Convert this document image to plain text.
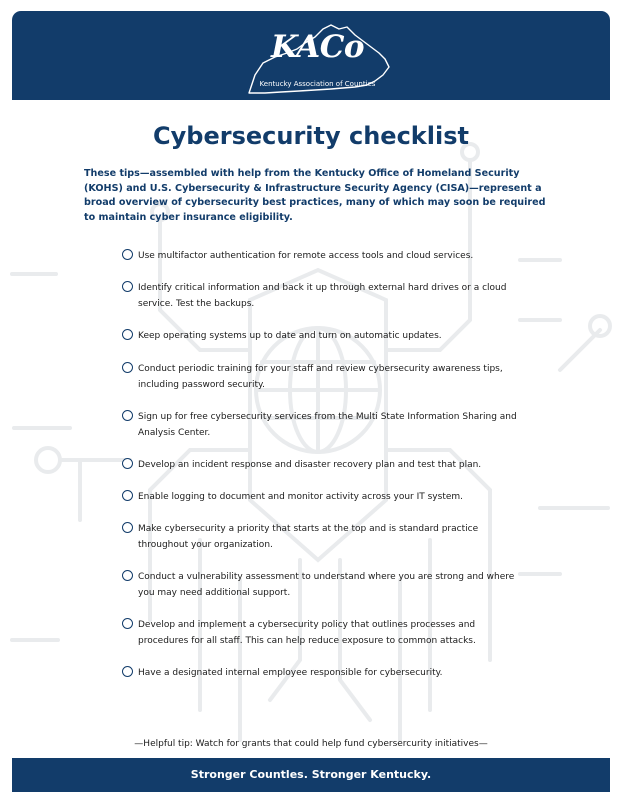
KACo
Kentucky Association of Counties
Cybersecurity checklist
These tips—assembled with help from the Kentucky Office of Homeland Security (KOHS) and U.S. Cybersecurity & Infrastructure Security Agency (CISA)—represent a broad overview of cybersecurity best practices, many of which may soon be required to maintain cyber insurance eligibility.
Use multifactor authentication for remote access tools and cloud services.
Identify critical information and back it up through external hard drives or a cloud service. Test the backups.
Keep operating systems up to date and turn on automatic updates.
Conduct periodic training for your staff and review cybersecurity awareness tips, including password security.
Sign up for free cybersecurity services from the Multi State Information Sharing and Analysis Center.
Develop an incident response and disaster recovery plan and test that plan.
Enable logging to document and monitor activity across your IT system.
Make cybersecurity a priority that starts at the top and is standard practice throughout your organization.
Conduct a vulnerability assessment to understand where you are strong and where you may need additional support.
Develop and implement a cybersecurity policy that outlines processes and procedures for all staff. This can help reduce exposure to common attacks.
Have a designated internal employee responsible for cybersecurity.
—Helpful tip: Watch for grants that could help fund cybersercurity initiatives—
Stronger Countles. Stronger Kentucky.
